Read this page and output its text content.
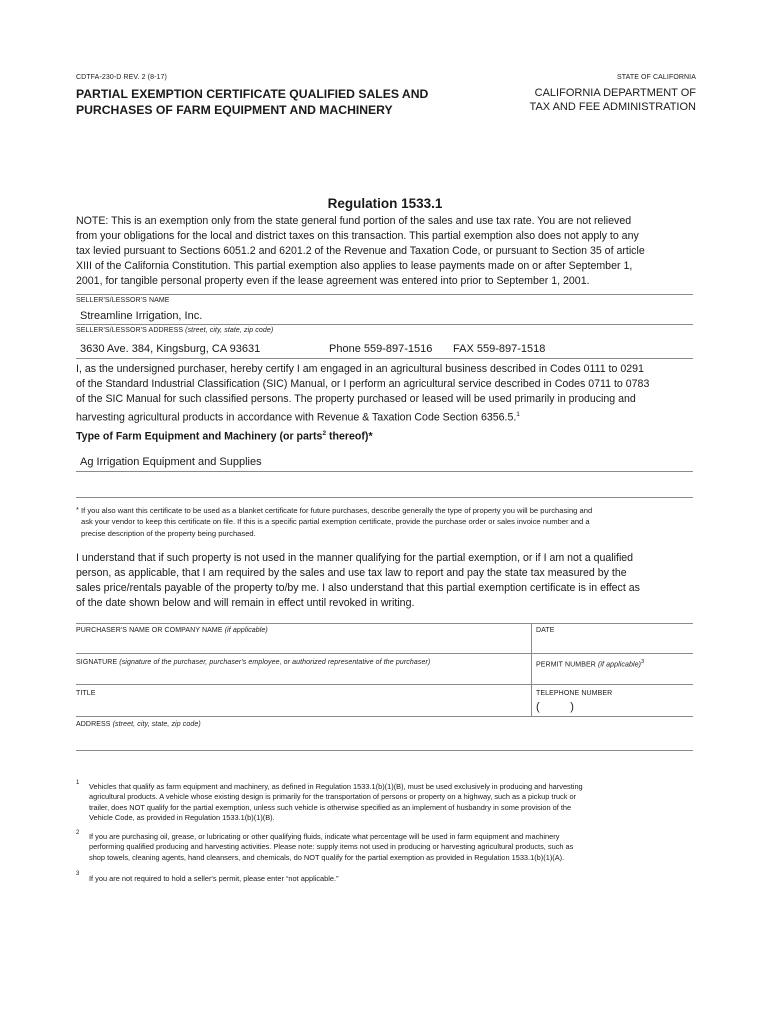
CDTFA-230-D REV. 2 (8-17)
PARTIAL EXEMPTION CERTIFICATE QUALIFIED SALES AND
PURCHASES OF FARM EQUIPMENT AND MACHINERY
STATE OF CALIFORNIA
CALIFORNIA DEPARTMENT OF
TAX AND FEE ADMINISTRATION
Regulation 1533.1
NOTE: This is an exemption only from the state general fund portion of the sales and use tax rate. You are not relieved
from your obligations for the local and district taxes on this transaction. This partial exemption also does not apply to any
tax levied pursuant to Sections 6051.2 and 6201.2 of the Revenue and Taxation Code, or pursuant to Section 35 of article
XIII of the California Constitution. This partial exemption also applies to lease payments made on or after September 1,
2001, for tangible personal property even if the lease agreement was entered into prior to September 1, 2001.
SELLER'S/LESSOR'S NAME
Streamline Irrigation, Inc.
SELLER'S/LESSOR'S ADDRESS (street, city, state, zip code)
3630 Ave. 384, Kingsburg, CA 93631	Phone 559-897-1516 FAX 559-897-1518
I, as the undersigned purchaser, hereby certify I am engaged in an agricultural business described in Codes 0111 to 0291
of the Standard Industrial Classification (SIC) Manual, or I perform an agricultural service described in Codes 0711 to 0783
of the SIC Manual for such classified persons. The property purchased or leased will be used primarily in producing and
harvesting agricultural products in accordance with Revenue & Taxation Code Section 6356.5.$^1$
Type of Farm Equipment and Machinery (or parts$^2$ thereof)*
Ag Irrigation Equipment and Supplies
* If you also want this certificate to be used as a blanket certificate for future purchases, describe generally the type of property you will be purchasing and
ask your vendor to keep this certificate on file. If this is a specific partial exemption certificate, provide the purchase order or sales invoice number and a
precise description of the property being purchased.
I understand that if such property is not used in the manner qualifying for the partial exemption, or if I am not a qualified
person, as applicable, that I am required by the sales and use tax law to report and pay the state tax measured by the
sales price/rentals payable of the property to/by me. I also understand that this partial exemption certificate is in effect as
of the date shown below and will remain in effect until revoked in writing.
PURCHASER'S NAME OR COMPANY NAME (if applicable)	DATE
SIGNATURE (signature of the purchaser, purchaser's employee, or authorized representative of the purchaser)	PERMIT NUMBER (if applicable)$^3$
TITLE	TELEPHONE NUMBER
(          )
ADDRESS (street, city, state, zip code)
1 Vehicles that qualify as farm equipment and machinery, as defined in Regulation 1533.1(b)(1)(B), must be used exclusively in producing and harvesting
agricultural products. A vehicle whose existing design is primarily for the transportation of persons or property on a highway, such as a pickup truck or
trailer, does NOT qualify for the partial exemption, unless such vehicle is otherwise specified as an implement of husbandry in some provision of the
Vehicle Code, as provided in Regulation 1533.1(b)(1)(B).
2 If you are purchasing oil, grease, or lubricating or other qualifying fluids, indicate what percentage will be used in farm equipment and machinery
performing qualified producing and harvesting activities. Please note: supply items not used in producing or harvesting agricultural products, such as
shop towels, cleaning agents, hand cleansers, and chemicals, do NOT qualify for the partial exemption as provided in Regulation 1533.1(b)(1)(A).
3 If you are not required to hold a seller's permit, please enter “not applicable.”
